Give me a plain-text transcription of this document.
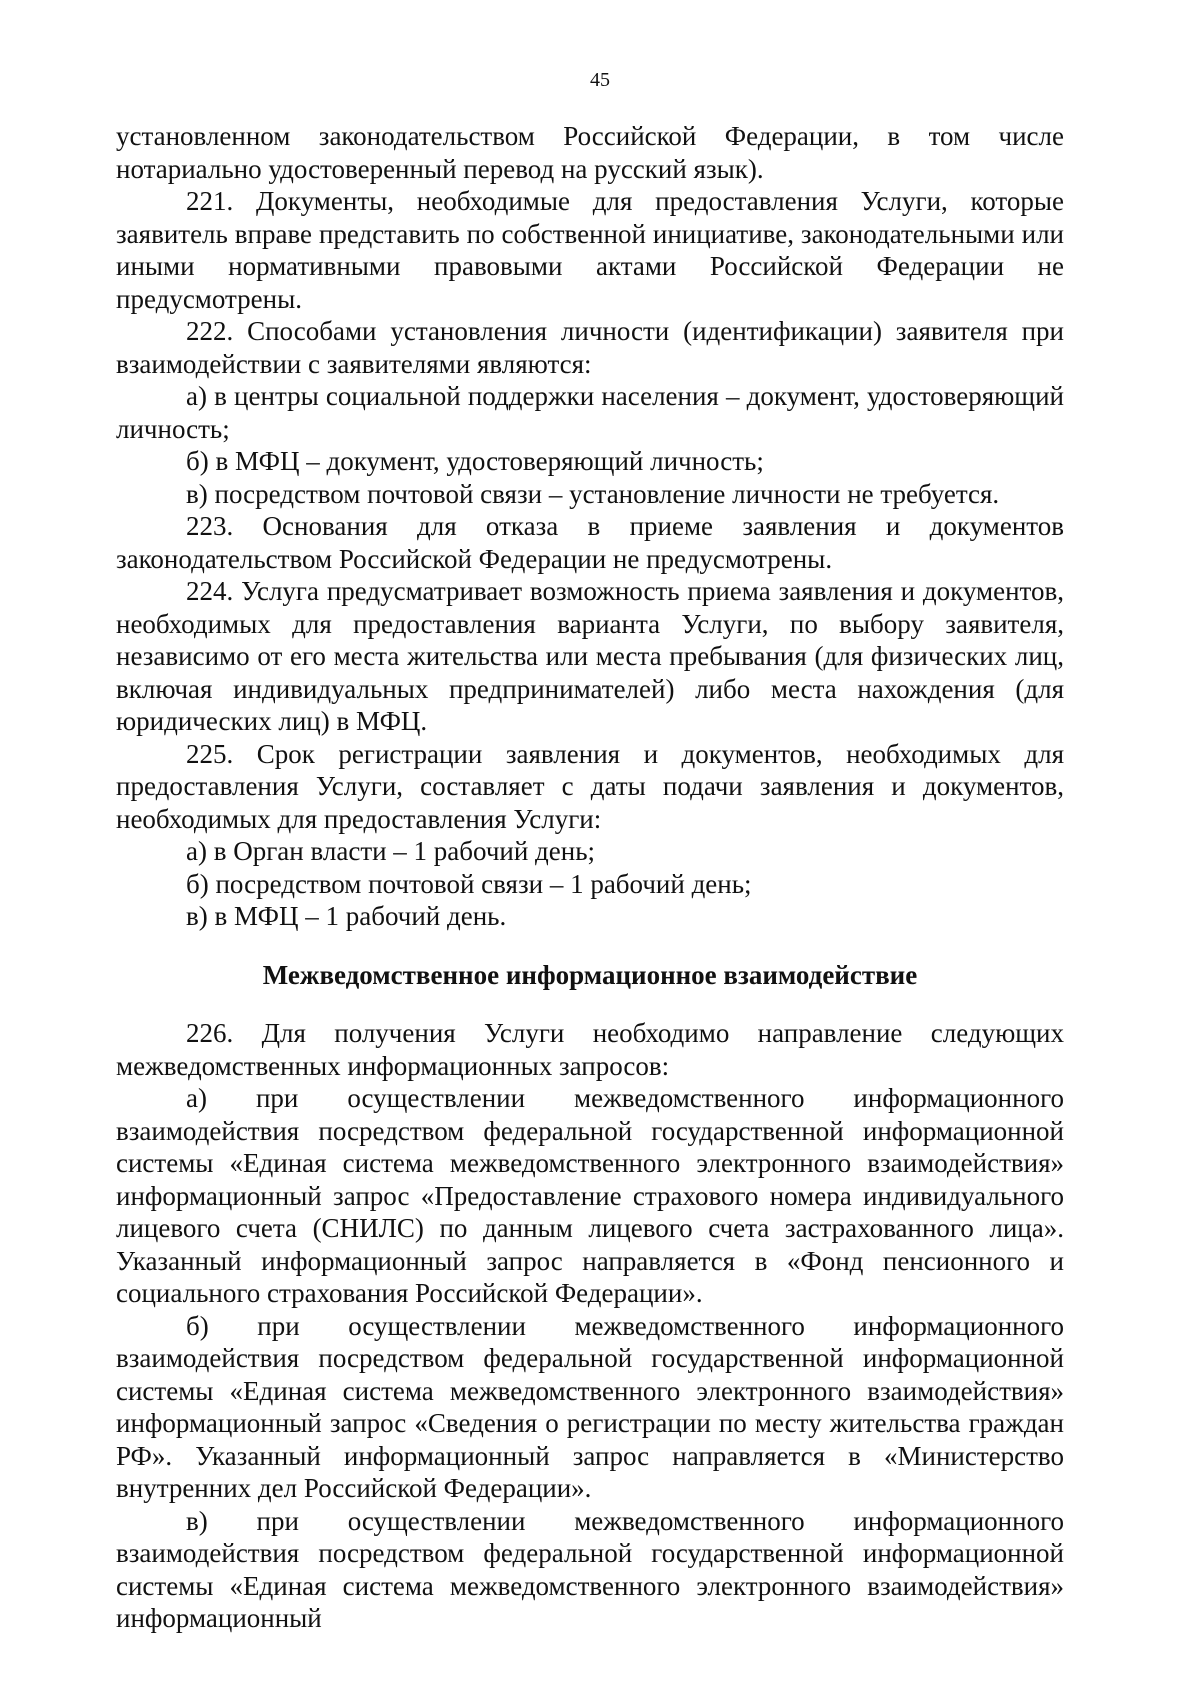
45

установленном законодательством Российской Федерации, в том числе нотариально удостоверенный перевод на русский язык).

221. Документы, необходимые для предоставления Услуги, которые заявитель вправе представить по собственной инициативе, законодательными или иными нормативными правовыми актами Российской Федерации не предусмотрены.

222. Способами установления личности (идентификации) заявителя при взаимодействии с заявителями являются:

а) в центры социальной поддержки населения – документ, удостоверяющий личность;

б) в МФЦ – документ, удостоверяющий личность;

в) посредством почтовой связи – установление личности не требуется.

223. Основания для отказа в приеме заявления и документов законодательством Российской Федерации не предусмотрены.

224. Услуга предусматривает возможность приема заявления и документов, необходимых для предоставления варианта Услуги, по выбору заявителя, независимо от его места жительства или места пребывания (для физических лиц, включая индивидуальных предпринимателей) либо места нахождения (для юридических лиц) в МФЦ.

225. Срок регистрации заявления и документов, необходимых для предоставления Услуги, составляет с даты подачи заявления и документов, необходимых для предоставления Услуги:

а) в Орган власти – 1 рабочий день;

б) посредством почтовой связи – 1 рабочий день;

в) в МФЦ – 1 рабочий день.

Межведомственное информационное взаимодействие

226. Для получения Услуги необходимо направление следующих межведомственных информационных запросов:

а) при осуществлении межведомственного информационного взаимодействия посредством федеральной государственной информационной системы «Единая система межведомственного электронного взаимодействия» информационный запрос «Предоставление страхового номера индивидуального лицевого счета (СНИЛС) по данным лицевого счета застрахованного лица». Указанный информационный запрос направляется в «Фонд пенсионного и социального страхования Российской Федерации».

б) при осуществлении межведомственного информационного взаимодействия посредством федеральной государственной информационной системы «Единая система межведомственного электронного взаимодействия» информационный запрос «Сведения о регистрации по месту жительства граждан РФ». Указанный информационный запрос направляется в «Министерство внутренних дел Российской Федерации».

в) при осуществлении межведомственного информационного взаимодействия посредством федеральной государственной информационной системы «Единая система межведомственного электронного взаимодействия» информационный
